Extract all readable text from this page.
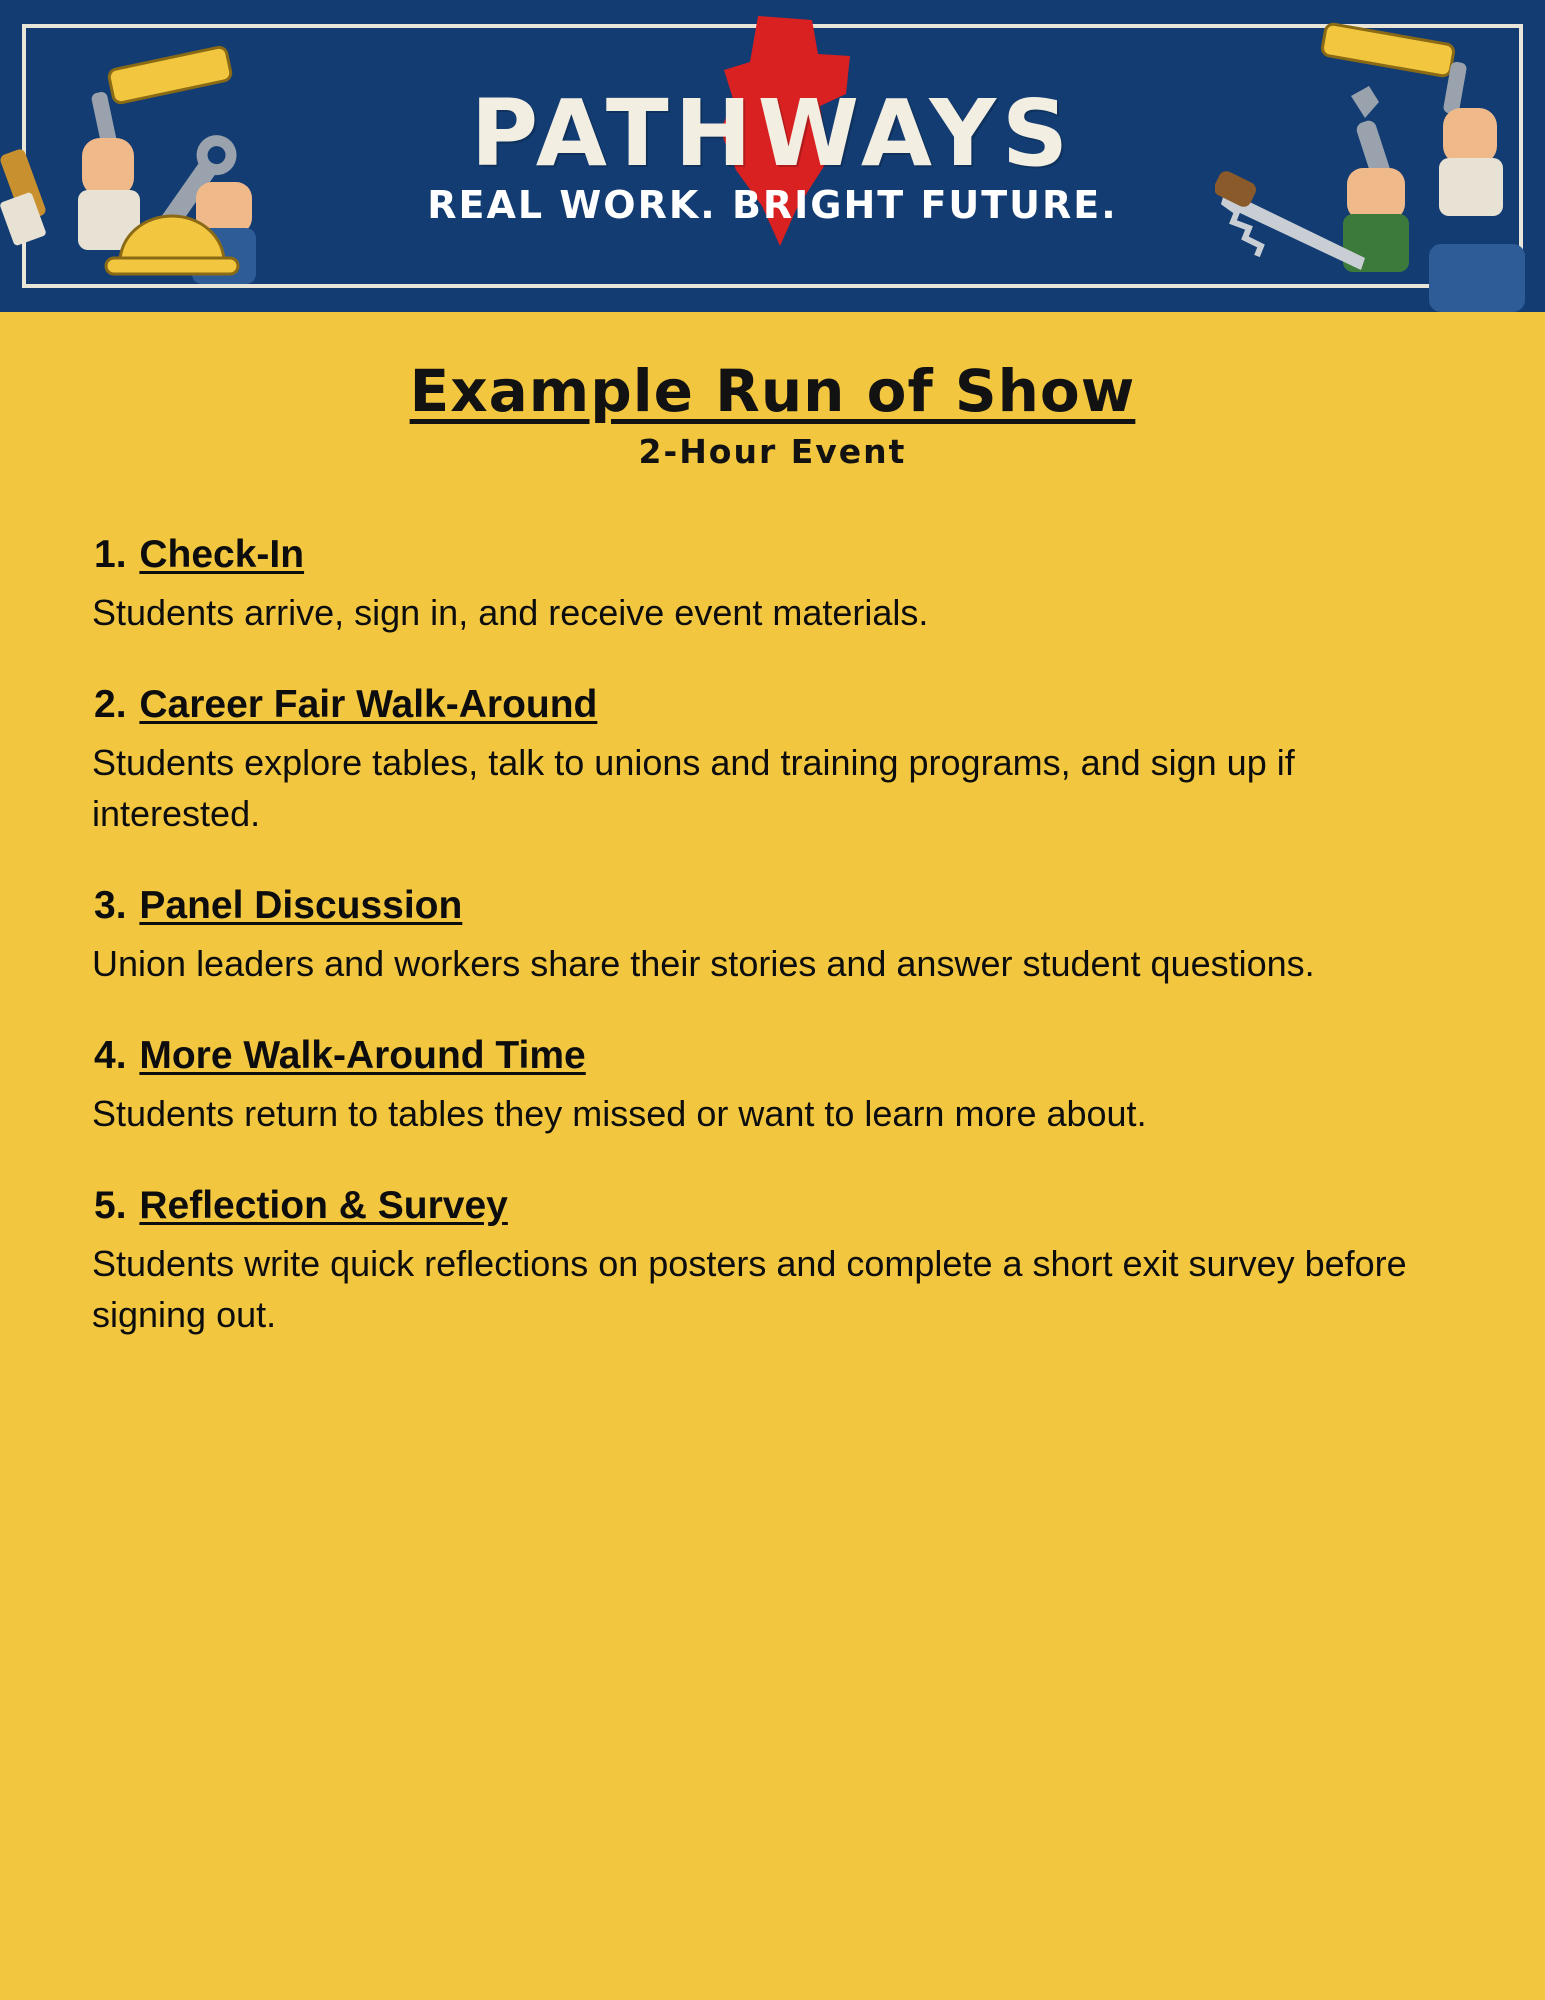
PATHWAYS
REAL WORK. BRIGHT FUTURE.
Example Run of Show
2-Hour Event
1. Check-In
Students arrive, sign in, and receive event materials.
2. Career Fair Walk-Around
Students explore tables, talk to unions and training programs, and sign up if interested.
3. Panel Discussion
Union leaders and workers share their stories and answer student questions.
4. More Walk-Around Time
Students return to tables they missed or want to learn more about.
5. Reflection & Survey
Students write quick reflections on posters and complete a short exit survey before signing out.
